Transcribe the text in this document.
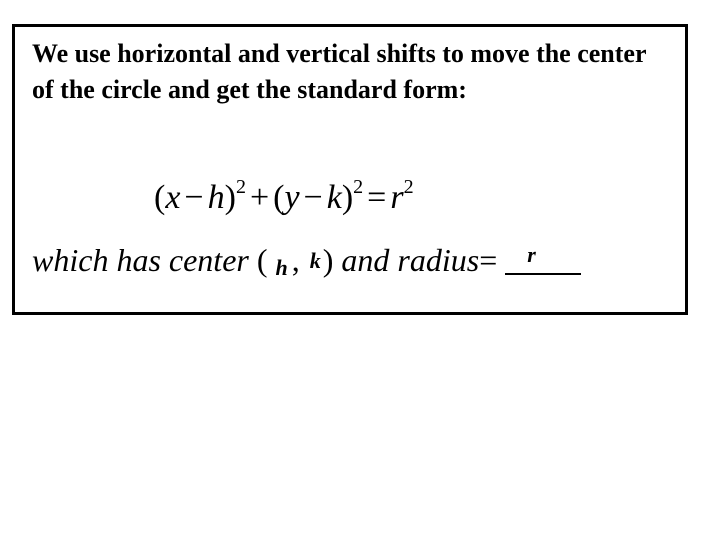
We use horizontal and vertical shifts to move the center of the circle and get the standard form:
$(x - h)^2 + (y - k)^2 = r^2$
which has center ( h , k) and radius= r
